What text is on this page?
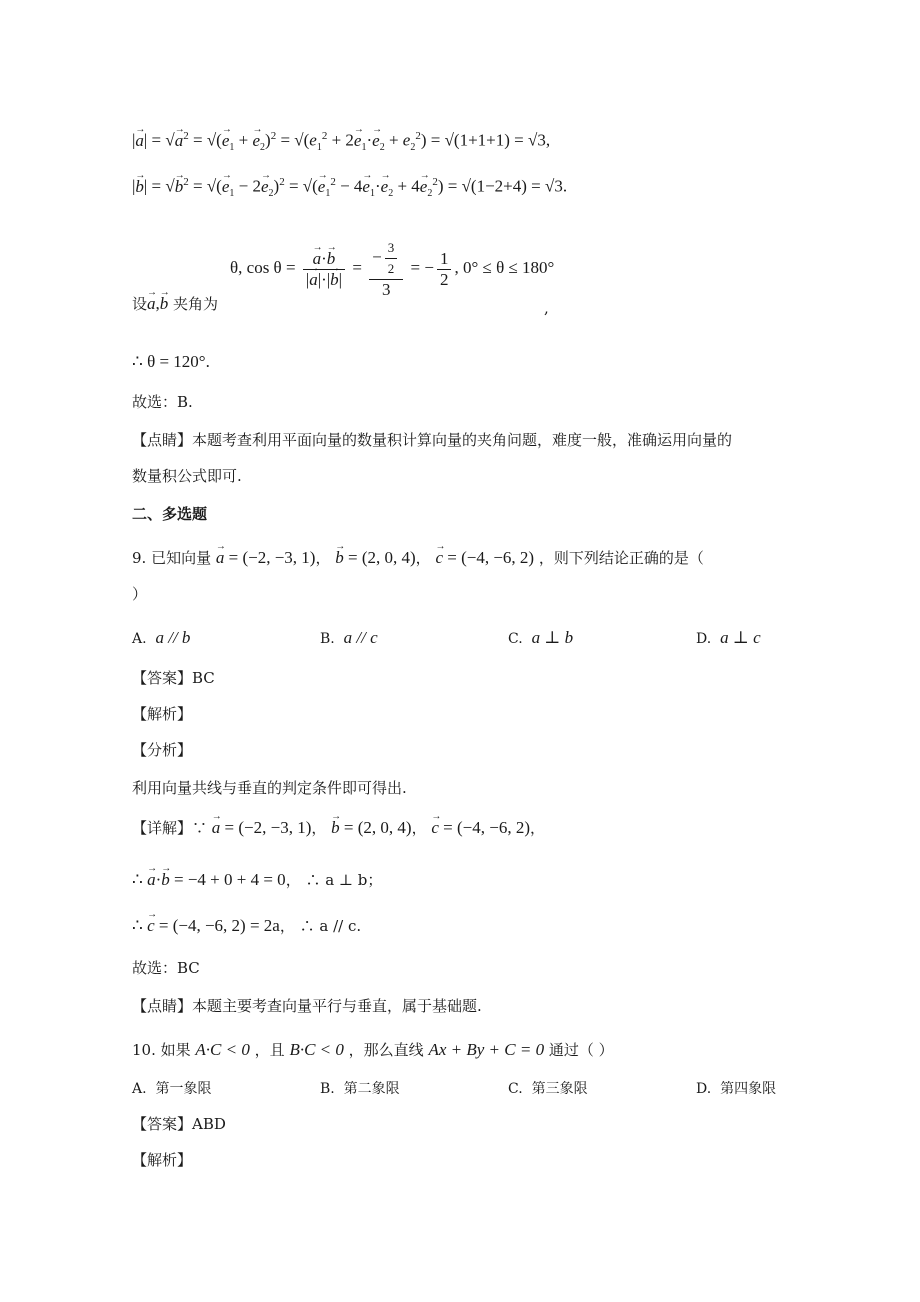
|→ a| = √→ $a^2$ = √(→ $e_1$ + → $e_2)^2 = √(e_1^2 + 2\to e_1\cdot\to e_2 + e_2^2) = √(1+1+1) = √3$,
|→ b| = √→ $b^2$ = √(→ $e_1 - 2\to e_2)^2$ = √(→ $e_1^2 - 4\to e_1\cdot\to e_2 + 4\to e_2^2) = √(1-2+4) = √3$.
θ, cos θ = → $\frac{a\cdot\to b}{|\to a|\cdot|\to b|} = \frac{- \frac{3}{2}}{3}$ = − $\frac{1}{2}$ , 0° ≤ θ ≤ 180°
设→ a,→ b 夹角为	,
∴ θ = 120°.
故选：B.
【点睛】本题考查利用平面向量的数量积计算向量的夹角问题，难度一般，准确运用向量的
数量积公式即可.
二、多选题
9. 已知向量 → a = (−2, −3, 1)， → b = (2, 0, 4)， → c = (−4, −6, 2) ，则下列结论正确的是（
）
A. a // b	B. a // c	C. a ⊥ b	D. a ⊥ c
【答案】BC
【解析】
【分析】
利用向量共线与垂直的判定条件即可得出.
【详解】∵ → a = (−2, −3, 1)， → b = (2, 0, 4)， → c = (−4, −6, 2)，
∴ → a·→ b = −4 + 0 + 4 = 0， ∴ a ⊥ b；
∴ → c = (−4, −6, 2) = 2a， ∴ a // c.
故选：BC
【点睛】本题主要考查向量平行与垂直，属于基础题.
10. 如果 A·C < 0 ，且 B·C < 0 ，那么直线 Ax + By + C = 0 通过（ ）
A. 第一象限	B. 第二象限	C. 第三象限	D. 第四象限
【答案】ABD
【解析】
